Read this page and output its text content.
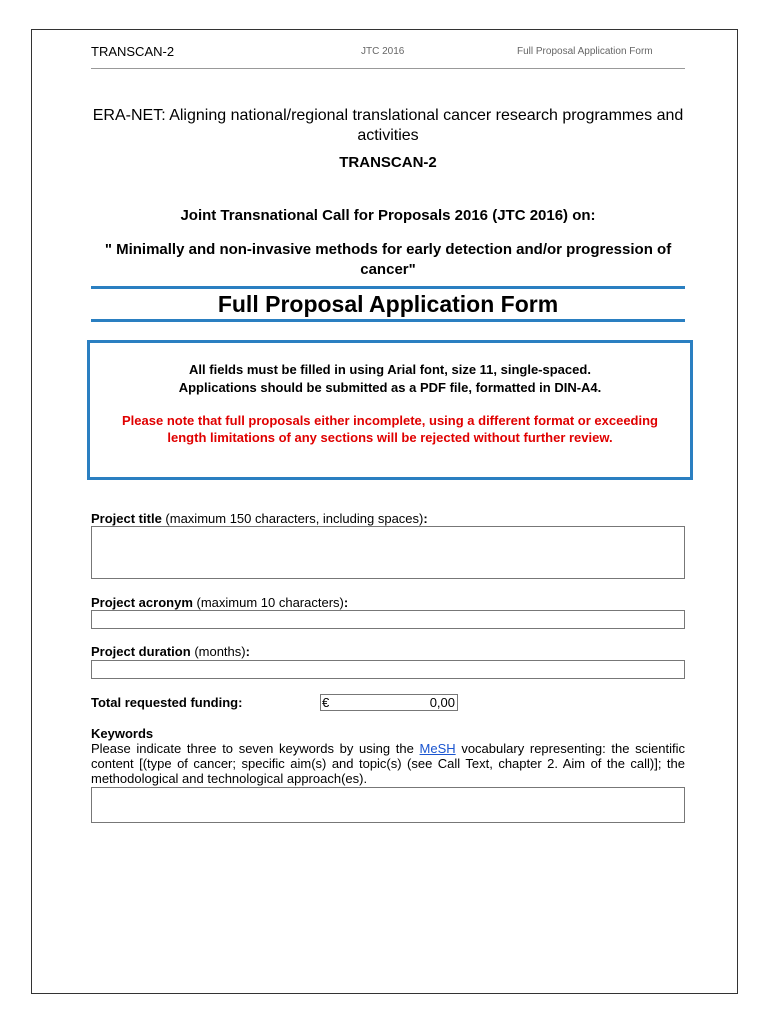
TRANSCAN-2	JTC 2016	Full Proposal Application Form
ERA-NET: Aligning national/regional translational cancer research programmes and activities
TRANSCAN-2
Joint Transnational Call for Proposals 2016 (JTC 2016) on:
" Minimally and non-invasive methods for early detection and/or progression of cancer"
Full Proposal Application Form
All fields must be filled in using Arial font, size 11, single-spaced.
Applications should be submitted as a PDF file, formatted in DIN-A4.
Please note that full proposals either incomplete, using a different format or exceeding length limitations of any sections will be rejected without further review.
Project title (maximum 150 characters, including spaces):
Project acronym (maximum 10 characters):
Project duration (months):
Total requested funding:	€	0,00
Keywords
Please indicate three to seven keywords by using the MeSH vocabulary representing: the scientific content [(type of cancer; specific aim(s) and topic(s) (see Call Text, chapter 2. Aim of the call)]; the methodological and technological approach(es).
